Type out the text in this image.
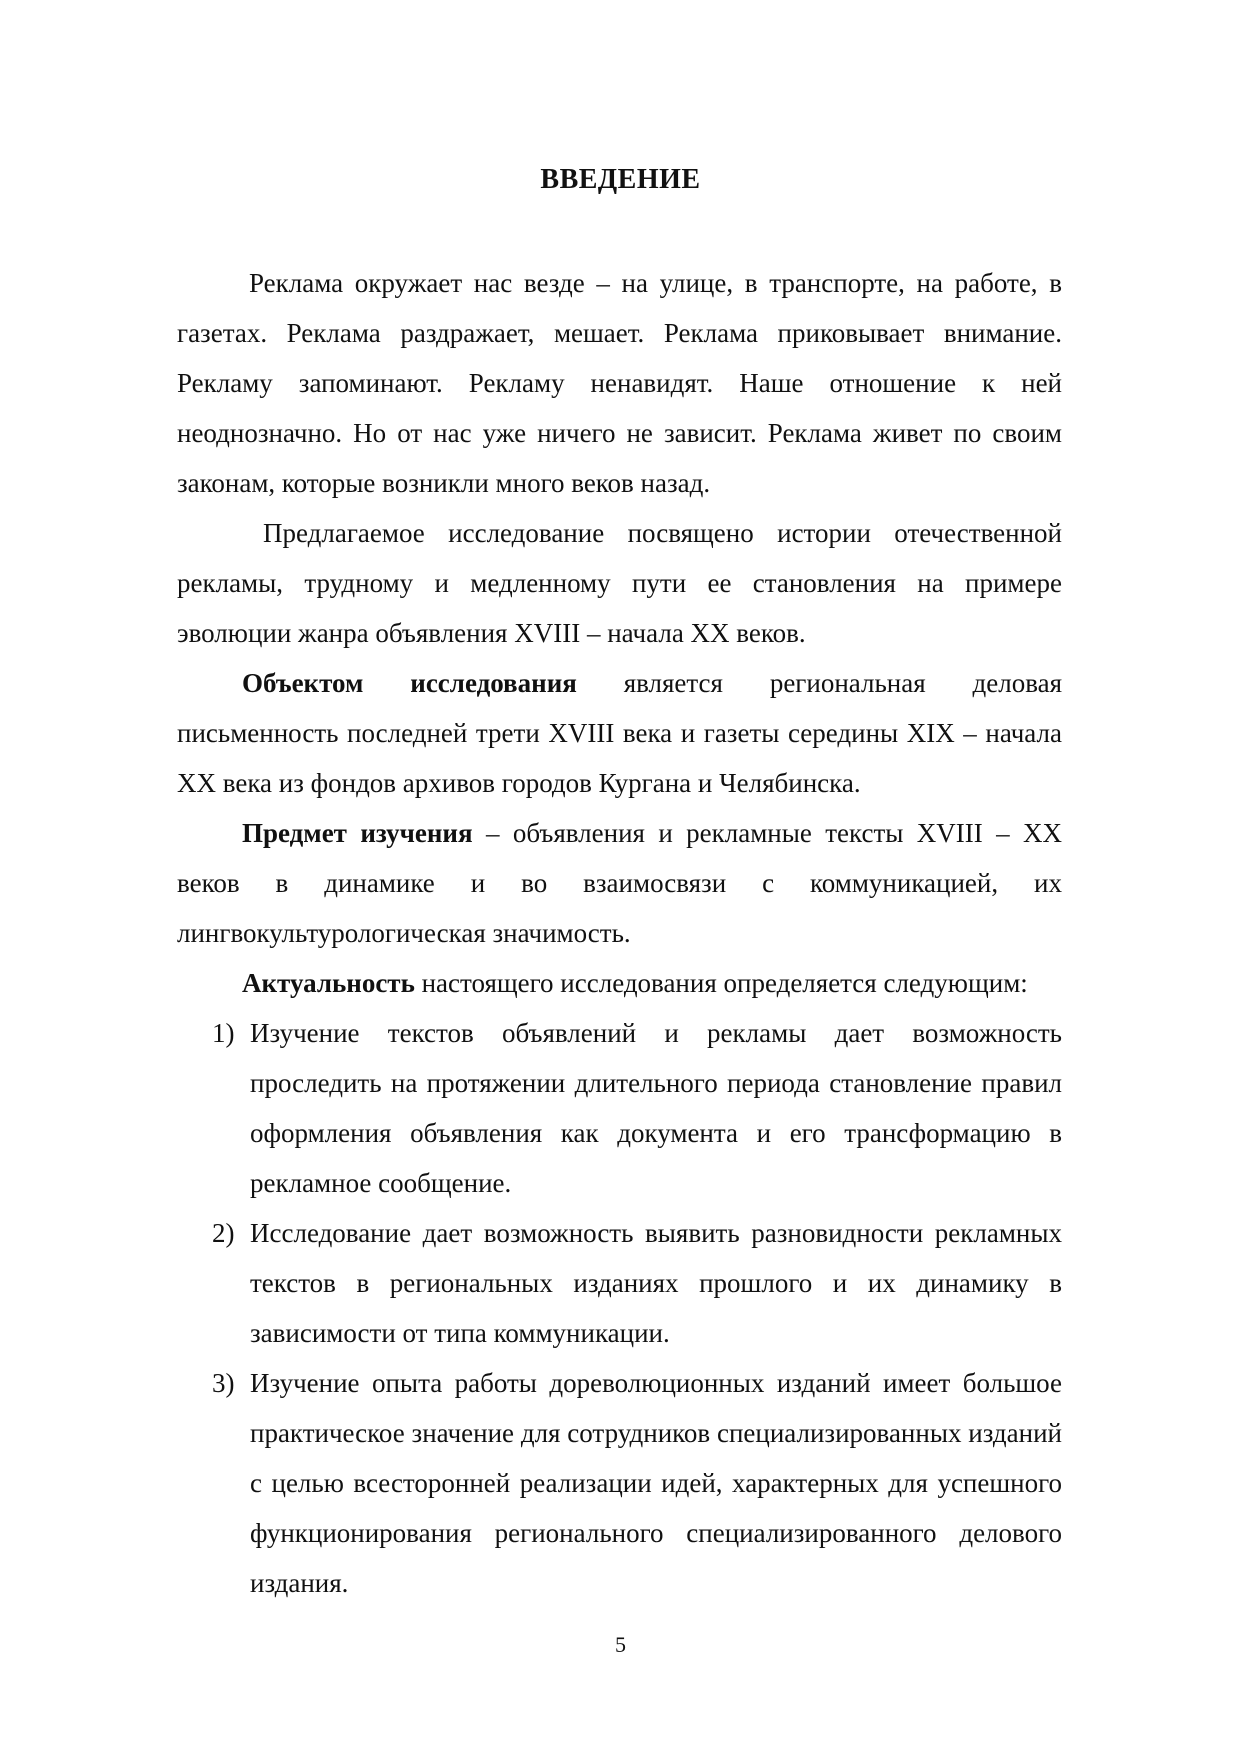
ВВЕДЕНИЕ

Реклама окружает нас везде – на улице, в транспорте, на работе, в газетах. Реклама раздражает, мешает. Реклама приковывает внимание. Рекламу запоминают. Рекламу ненавидят. Наше отношение к ней неоднозначно. Но от нас уже ничего не зависит. Реклама живет по своим законам, которые возникли много веков назад.

Предлагаемое исследование посвящено истории отечественной рекламы, трудному и медленному пути ее становления на примере эволюции жанра объявления XVIII – начала XX веков.

Объектом исследования является региональная деловая письменность последней трети XVIII века и газеты середины XIX – начала XX века из фондов архивов городов Кургана и Челябинска.

Предмет изучения – объявления и рекламные тексты XVIII – XX веков в динамике и во взаимосвязи с коммуникацией, их лингвокультурологическая значимость.

Актуальность настоящего исследования определяется следующим:

1) Изучение текстов объявлений и рекламы дает возможность проследить на протяжении длительного периода становление правил оформления объявления как документа и его трансформацию в рекламное сообщение.
2) Исследование дает возможность выявить разновидности рекламных текстов в региональных изданиях прошлого и их динамику в зависимости от типа коммуникации.
3) Изучение опыта работы дореволюционных изданий имеет большое практическое значение для сотрудников специализированных изданий с целью всесторонней реализации идей, характерных для успешного функционирования регионального специализированного делового издания.
5
